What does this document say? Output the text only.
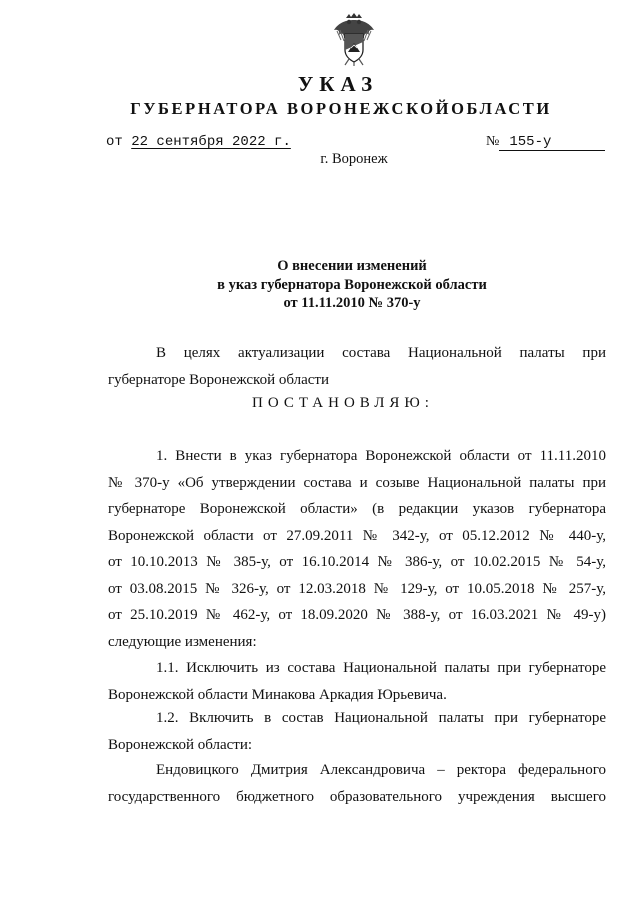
УКАЗ
ГУБЕРНАТОРА ВОРОНЕЖСКОЙОБЛАСТИ
от 22 сентября 2022 г.	№ 155-у
г. Воронеж
О внесении изменений
в указ губернатора Воронежской области
от 11.11.2010 № 370-у
В целях актуализации состава Национальной палаты при
губернаторе Воронежской области
ПОСТАНОВЛЯЮ:
1. Внести в указ губернатора Воронежской области от 11.11.2010
№ 370-у «Об утверждении состава и созыве Национальной палаты при
губернаторе Воронежской области» (в редакции указов губернатора
Воронежской области от 27.09.2011 № 342-у, от 05.12.2012 № 440-у,
от 10.10.2013 № 385-у, от 16.10.2014 № 386-у, от 10.02.2015 № 54-у,
от 03.08.2015 № 326-у, от 12.03.2018 № 129-у, от 10.05.2018 № 257-у,
от 25.10.2019 № 462-у, от 18.09.2020 № 388-у, от 16.03.2021 № 49-у)
следующие изменения:
1.1. Исключить из состава Национальной палаты при губернаторе
Воронежской области Минакова Аркадия Юрьевича.
1.2. Включить в состав Национальной палаты при губернаторе
Воронежской области:
Ендовицкого Дмитрия Александровича – ректора федерального
государственного бюджетного образовательного учреждения высшего
